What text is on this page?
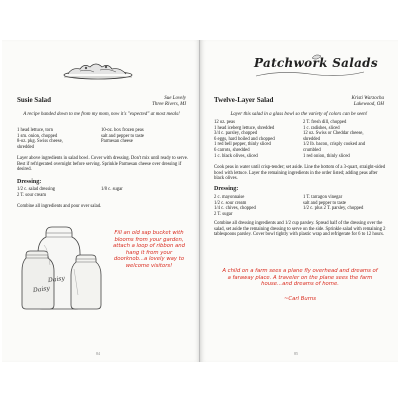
Susie Salad	Sue Lovely
Three Rivers, MI
A recipe handed down to me from my mom, now it's "expected" at most meals!
1 head lettuce, torn
1 sm. onion, chopped
8-oz. pkg. Swiss cheese,
shredded
10-oz. box frozen peas
salt and pepper to taste
Parmesan cheese
Layer above ingredients in salad bowl. Cover with dressing. Don't mix until ready to serve. Best if refrigerated overnight before serving. Sprinkle Parmesan cheese over dressing if desired.
Dressing:
1/2 c. salad dressing
2 T. sour cream
1/8 c. sugar
Combine all ingredients and pour over salad.
Daisy
Daisy
Fill an old sap bucket with blooms from your garden, attach a loop of ribbon and hang it from your doorknob...a lovely way to welcome visitors!
84
Patchwork Salads
Twelve-Layer Salad	Kristi Warzocha
Lakewood, OH
Layer this salad in a glass bowl so the variety of colors can be seen!
12 oz. peas
1 head iceberg lettuce, shredded
3/4 c. parsley, chopped
6 eggs, hard boiled and chopped
1 red bell pepper, thinly sliced
6 carrots, shredded
1 c. black olives, sliced
2 T. fresh dill, chopped
1 c. radishes, sliced
12 oz. Swiss or Cheddar cheese,
shredded
1/2 lb. bacon, crisply cooked and
crumbled
1 red onion, thinly sliced
Cook peas in water until crisp-tender; set aside. Line the bottom of a 3-quart, straight-sided bowl with lettuce. Layer the remaining ingredients in the order listed; adding peas after black olives.
Dressing:
2 c. mayonnaise
1/2 c. sour cream
1/4 c. chives, chopped
2 T. sugar
1 T. tarragon vinegar
salt and pepper to taste
1/2 c. plus 2 T. parsley, chopped
Combine all dressing ingredients and 1/2 cup parsley. Spread half of the dressing over the salad, set aside the remaining dressing to serve on the side. Sprinkle salad with remaining 2 tablespoons parsley. Cover bowl tightly with plastic wrap and refrigerate for 6 to 12 hours.
A child on a farm sees a plane fly overhead and dreams of a faraway place. A traveler on the plane sees the farm house...and dreams of home.
~Carl Burns
85
